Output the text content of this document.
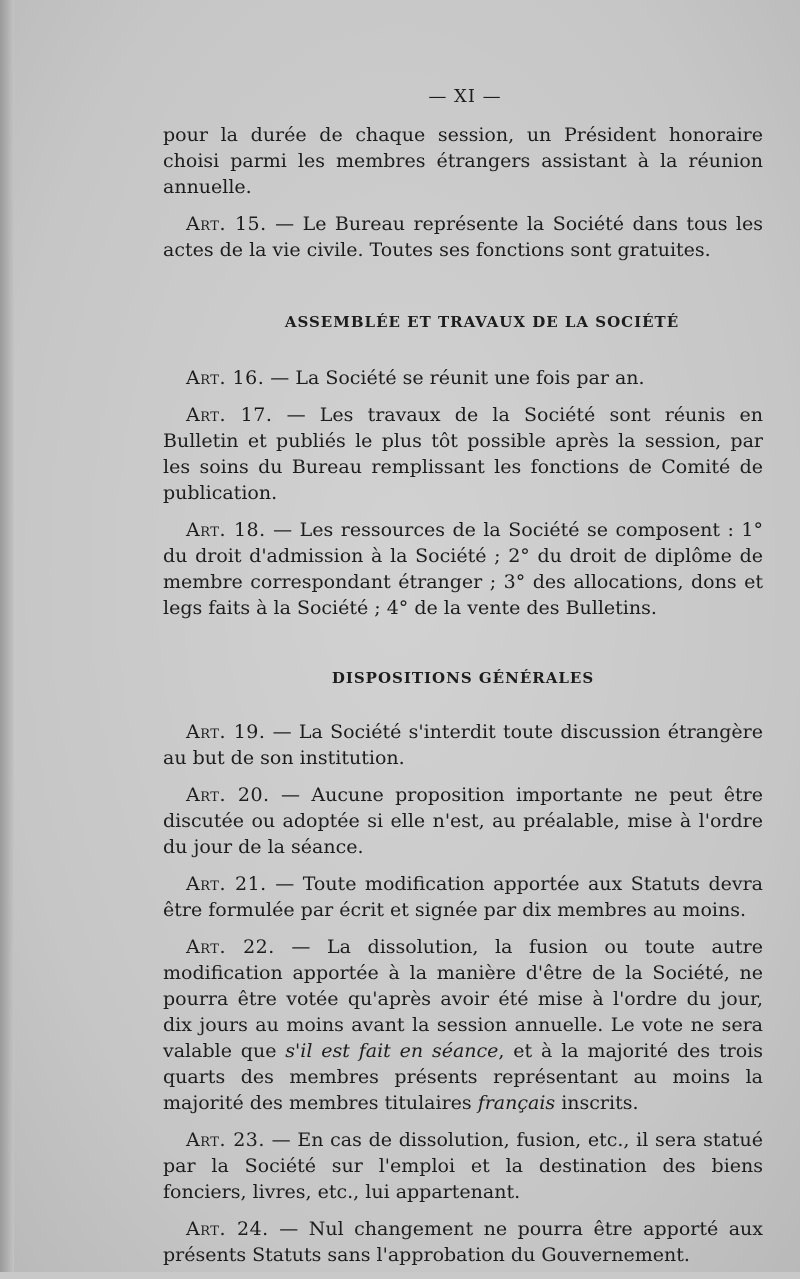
— XI —

pour la durée de chaque session, un Président honoraire choisi parmi les membres étrangers assistant à la réunion annuelle.

Art. 15. — Le Bureau représente la Société dans tous les actes de la vie civile. Toutes ses fonctions sont gratuites.

ASSEMBLÉE ET TRAVAUX DE LA SOCIÉTÉ

Art. 16. — La Société se réunit une fois par an.

Art. 17. — Les travaux de la Société sont réunis en Bulletin et publiés le plus tôt possible après la session, par les soins du Bureau remplissant les fonctions de Comité de publication.

Art. 18. — Les ressources de la Société se composent : 1° du droit d'admission à la Société ; 2° du droit de diplôme de membre correspondant étranger ; 3° des allocations, dons et legs faits à la Société ; 4° de la vente des Bulletins.

DISPOSITIONS GÉNÉRALES

Art. 19. — La Société s'interdit toute discussion étrangère au but de son institution.

Art. 20. — Aucune proposition importante ne peut être discutée ou adoptée si elle n'est, au préalable, mise à l'ordre du jour de la séance.

Art. 21. — Toute modification apportée aux Statuts devra être formulée par écrit et signée par dix membres au moins.

Art. 22. — La dissolution, la fusion ou toute autre modification apportée à la manière d'être de la Société, ne pourra être votée qu'après avoir été mise à l'ordre du jour, dix jours au moins avant la session annuelle. Le vote ne sera valable que s'il est fait en séance, et à la majorité des trois quarts des membres présents représentant au moins la majorité des membres titulaires français inscrits.

Art. 23. — En cas de dissolution, fusion, etc., il sera statué par la Société sur l'emploi et la destination des biens fonciers, livres, etc., lui appartenant.

Art. 24. — Nul changement ne pourra être apporté aux présents Statuts sans l'approbation du Gouvernement.
